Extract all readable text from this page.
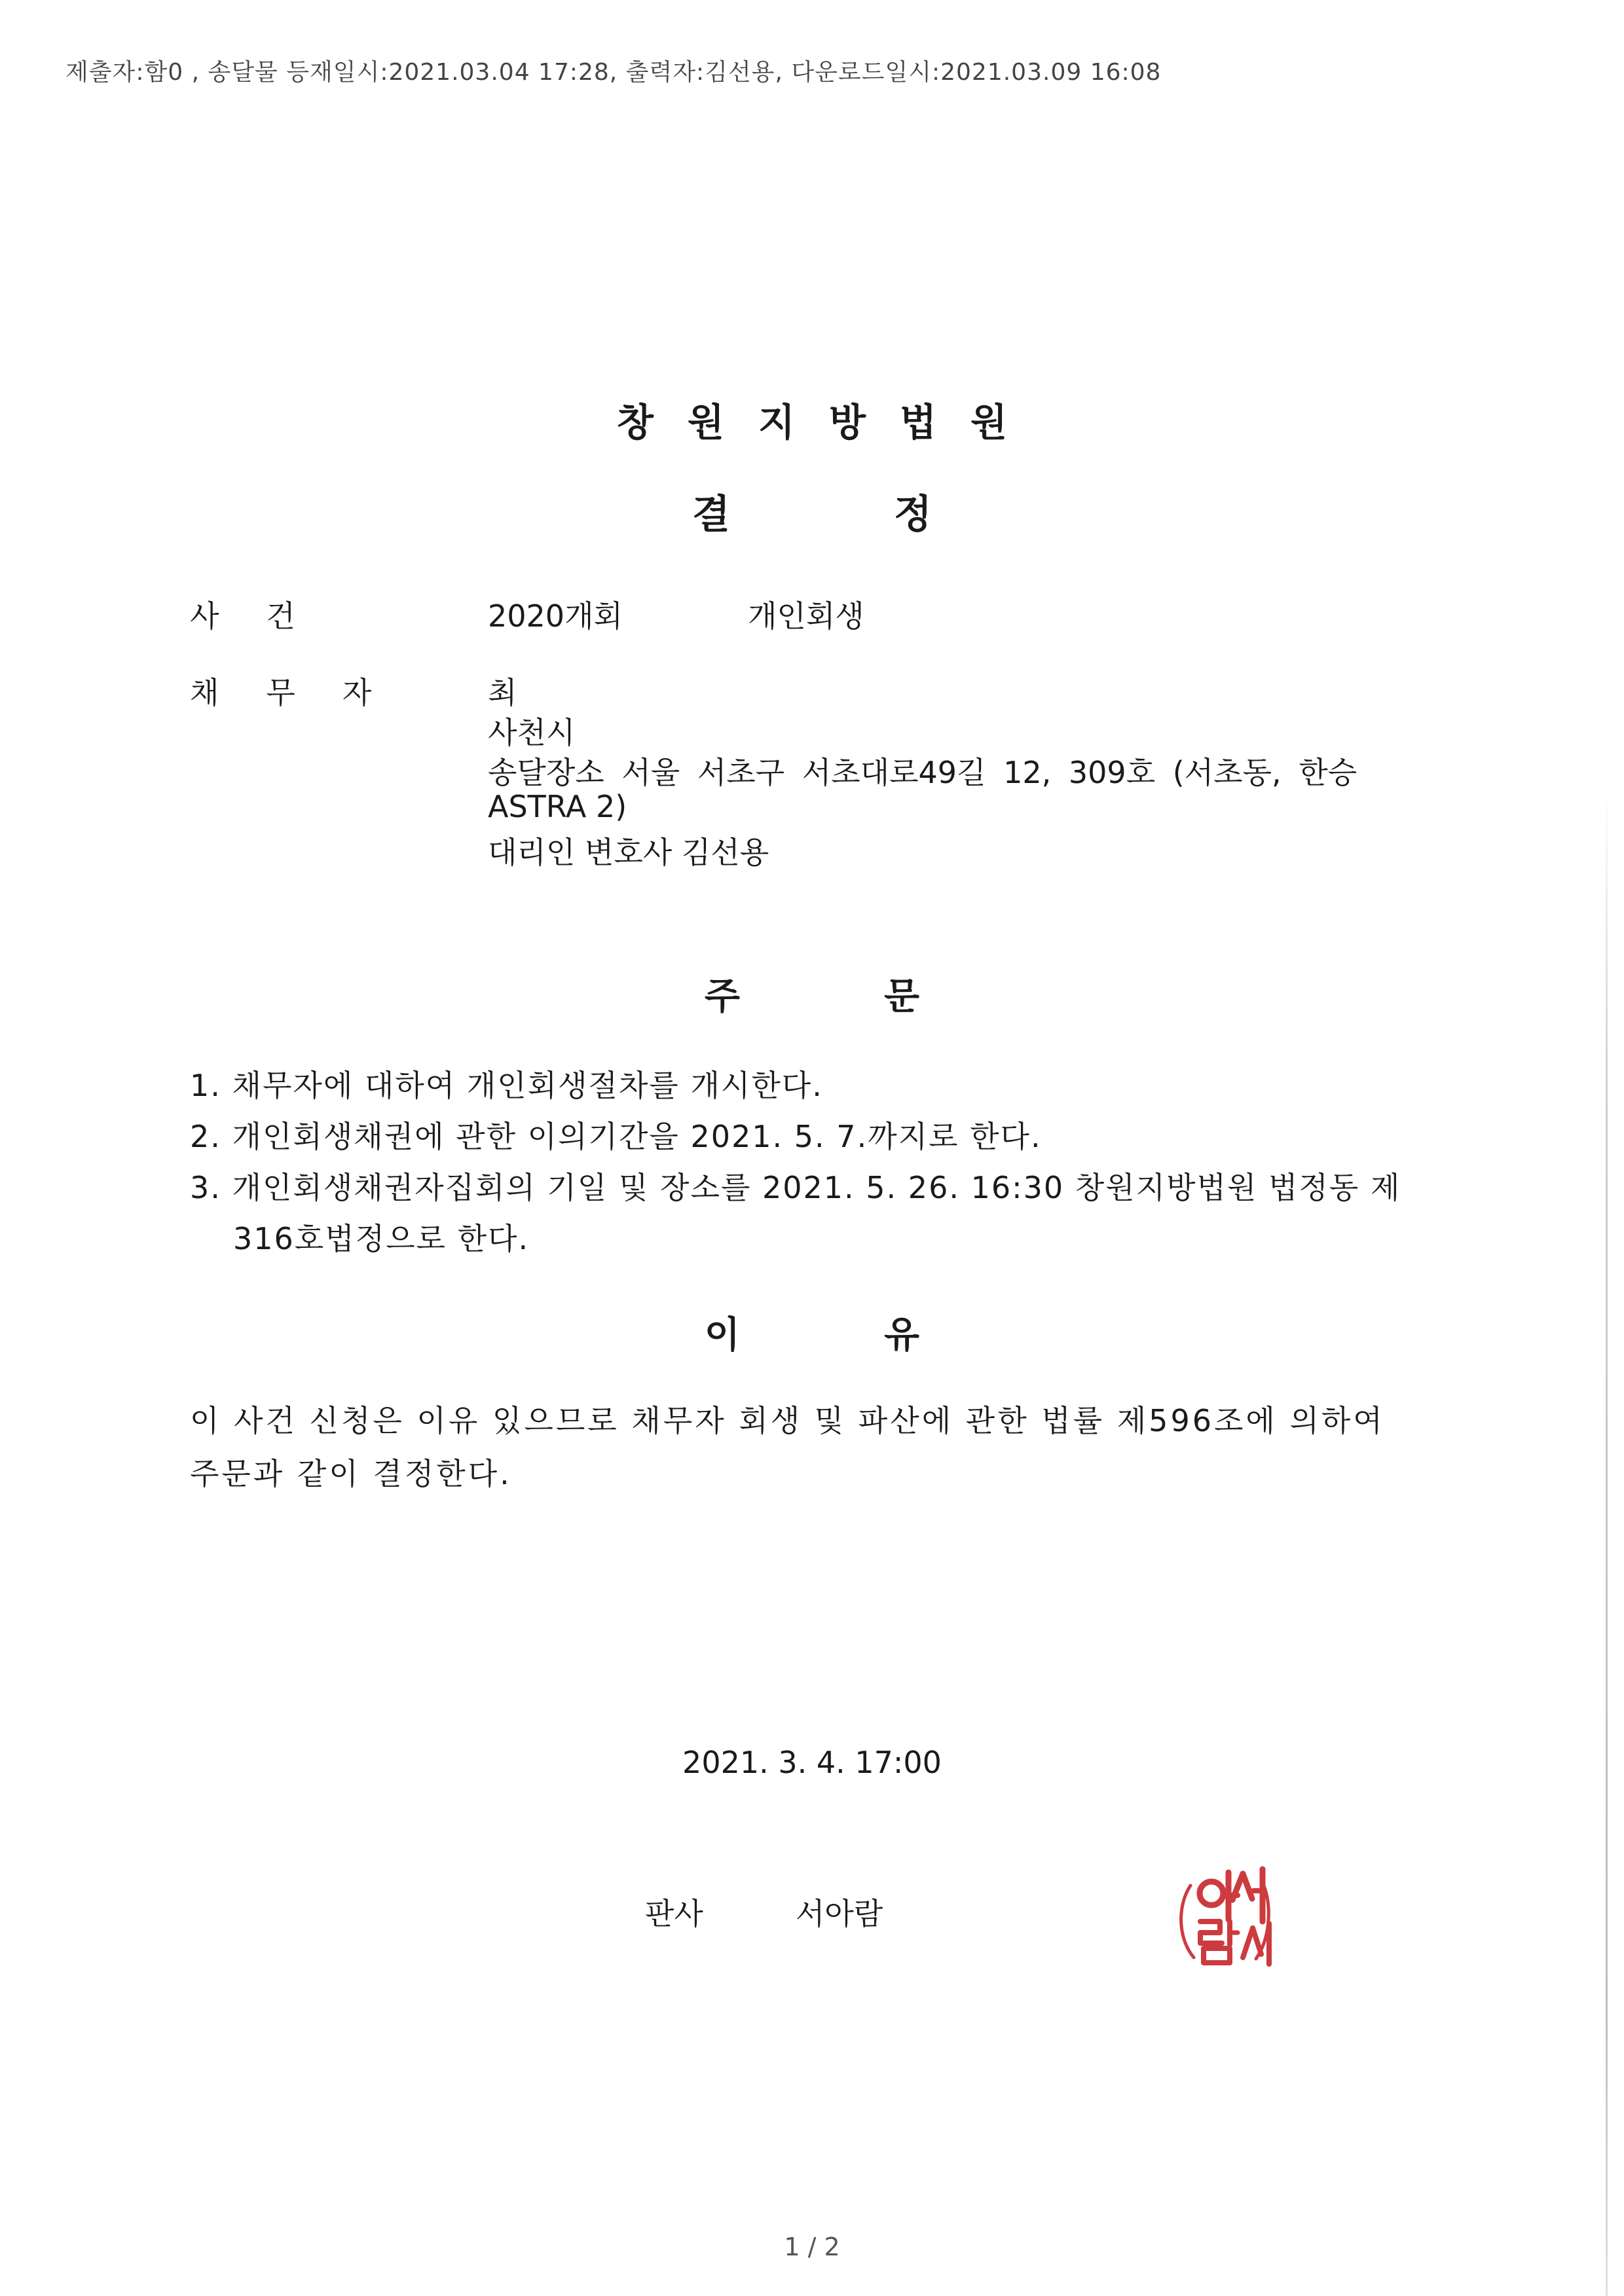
제출자:함0 , 송달물 등재일시:2021.03.04 17:28, 출력자:김선용, 다운로드일시:2021.03.09 16:08
창원지방법원
결정
사건	2020개회	개인회생
채무자 최
사천시
송달장소 서울 서초구 서초대로49길 12, 309호 (서초동, 한승
ASTRA 2)
대리인 변호사 김선용
주문
1. 채무자에 대하여 개인회생절차를 개시한다.
2. 개인회생채권에 관한 이의기간을 2021. 5. 7.까지로 한다.
3. 개인회생채권자집회의 기일 및 장소를 2021. 5. 26. 16:30 창원지방법원 법정동 제
316호법정으로 한다.
이유
이 사건 신청은 이유 있으므로 채무자 회생 및 파산에 관한 법률 제596조에 의하여
주문과 같이 결정한다.
2021. 3. 4. 17:00
판사	서아람
1 / 2
